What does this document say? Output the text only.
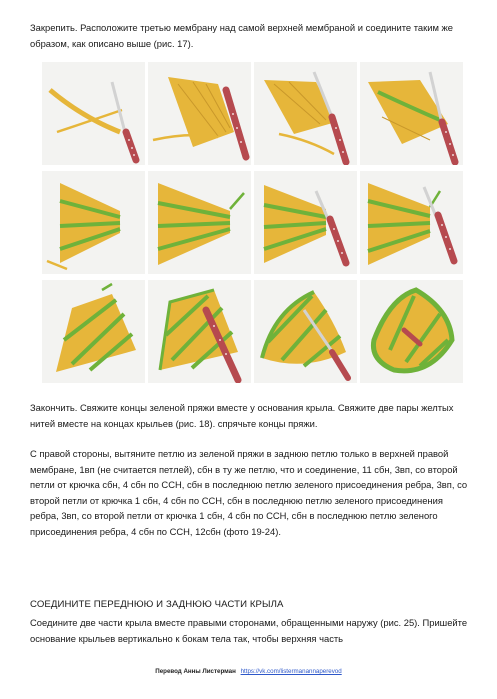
Закрепить. Расположите третью мембрану над самой верхней мембраной и соедините таким же образом, как описано выше (рис. 17).

Закончить. Свяжите концы зеленой пряжи вместе у основания крыла. Свяжите две пары желтых нитей вместе на концах крыльев (рис. 18). спрячьте концы пряжи.

С правой стороны, вытяните петлю из зеленой пряжи в заднюю петлю только в верхней правой мембране, 1вп (не считается петлей), сбн в ту же петлю, что и соединение, 11 сбн, 3вп, со второй петли от крючка сбн, 4 сбн по ССН, сбн в последнюю петлю зеленого присоединения ребра, 3вп, со второй петли от крючка 1 сбн, 4 сбн по ССН, сбн в последнюю петлю зеленого присоединения ребра, 3вп, со второй петли от крючка 1 сбн, 4 сбн по ССН, сбн в последнюю петлю зеленого присоединения ребра, 4 сбн по ССН, 12сбн (фото 19-24).

СОЕДИНИТЕ ПЕРЕДНЮЮ И ЗАДНЮЮ ЧАСТИ КРЫЛА

Соедините две части крыла вместе правыми сторонами, обращенными наружу (рис. 25). Пришейте основание крыльев вертикально к бокам тела так, чтобы верхняя часть

Перевод Анны Листерман https://vk.com/listermanannaperevod
